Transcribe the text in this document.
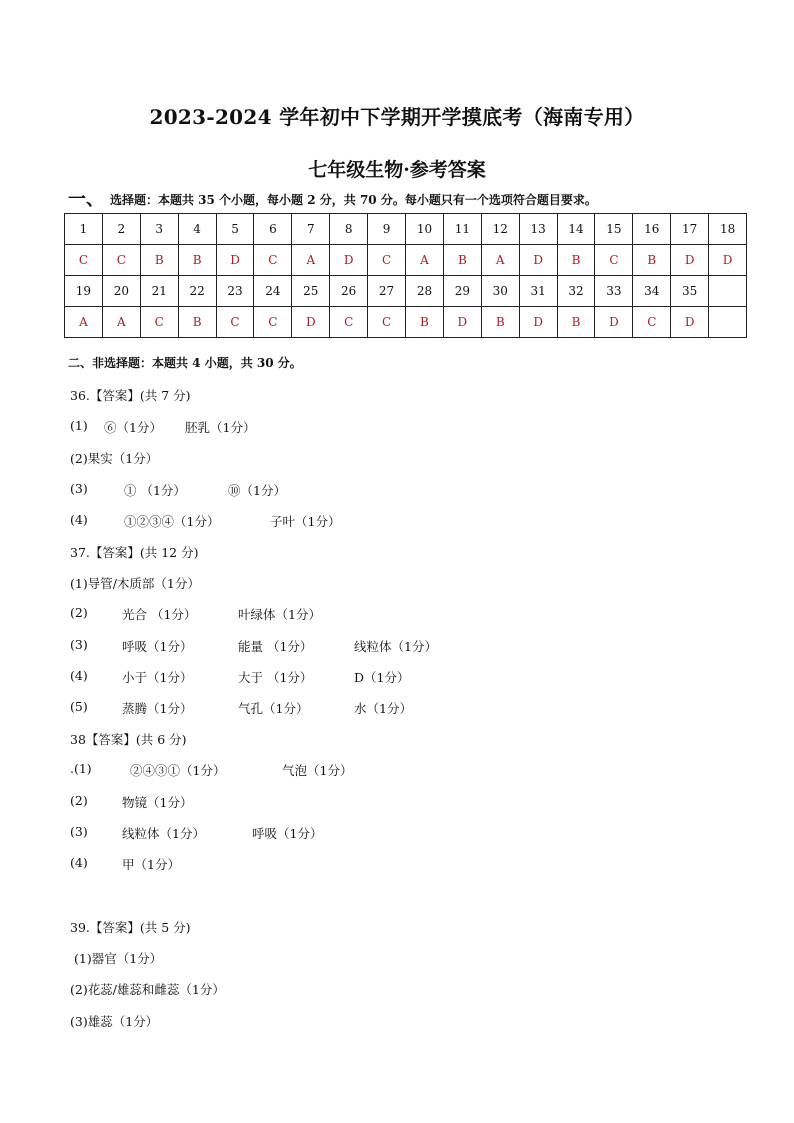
2023-2024 学年初中下学期开学摸底考（海南专用）
七年级生物·参考答案
一、 选择题：本题共 35 个小题，每小题 2 分，共 70 分。每小题只有一个选项符合题目要求。
1	2	3	4	5	6	7	8	9	10	11	12	13	14	15	16	17	18
C	C	B	B	D	C	A	D	C	A	B	A	D	B	C	B	D	D
19	20	21	22	23	24	25	26	27	28	29	30	31	32	33	34	35	
A	A	C	B	C	C	D	C	C	B	D	B	D	B	D	C	D	
二、非选择题：本题共 4 小题，共 30 分。
36.【答案】(共 7 分)
(1) ⑥（1分） 胚乳（1分）
(2)果实（1分）
(3)	① （1分）	⑩（1分）
(4)	①②③④（1分）	子叶（1分）
37.【答案】(共 12 分)
(1)导管/木质部（1分）
(2)	光合 （1分）	叶绿体（1分）
(3)	呼吸（1分）	能量 （1分）	线粒体（1分）
(4)	小于（1分）	大于 （1分）	D（1分）
(5)	蒸腾（1分）	气孔（1分）	水（1分）
38【答案】(共 6 分)
.(1)	②④③①（1分）	气泡（1分）
(2)	物镜（1分）
(3)	线粒体（1分）	呼吸（1分）
(4)	甲（1分）
39.【答案】(共 5 分)
(1)器官（1分）
(2)花蕊/雄蕊和雌蕊（1分）
(3)雄蕊（1分）
